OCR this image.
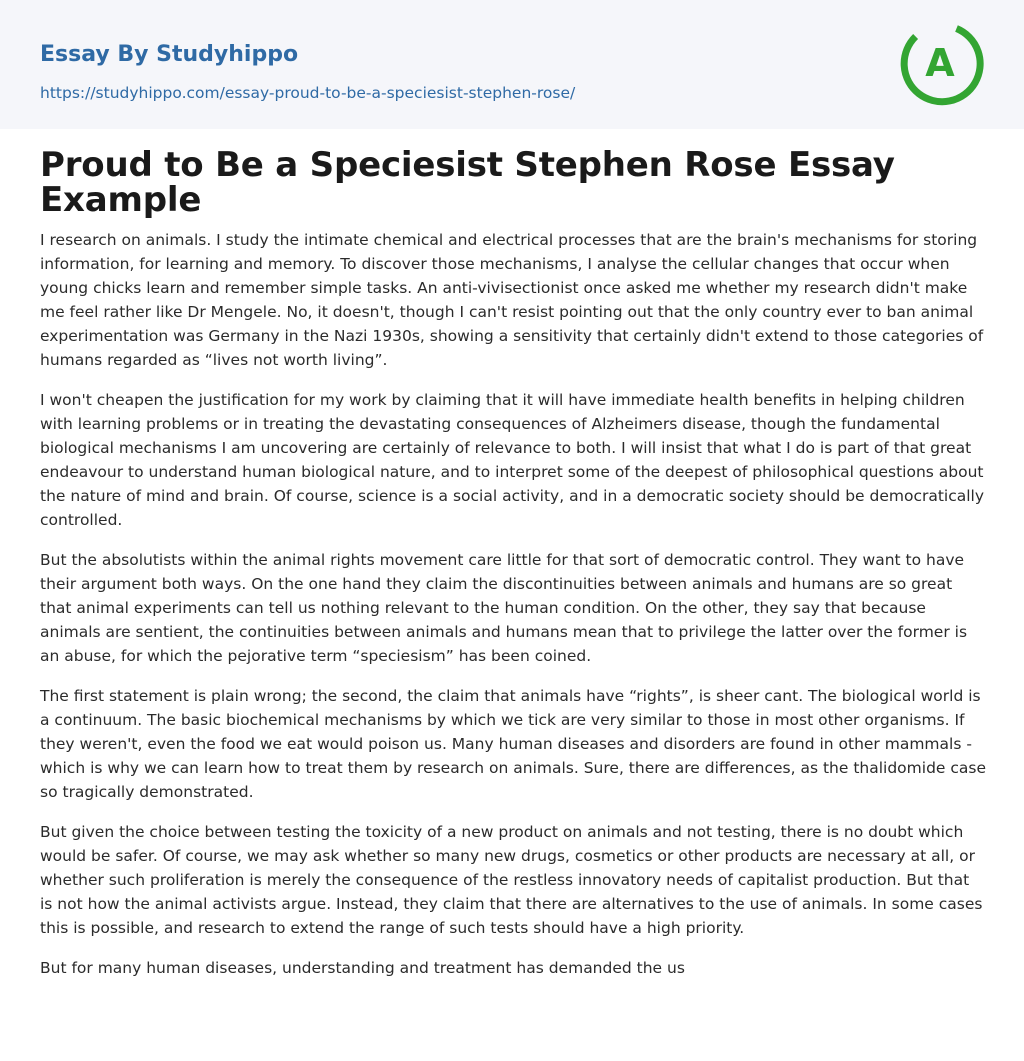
Essay By Studyhippo
https://studyhippo.com/essay-proud-to-be-a-speciesist-stephen-rose/
A
Proud to Be a Speciesist Stephen Rose Essay Example

I research on animals. I study the intimate chemical and electrical processes that are the brain's mechanisms for storing information, for learning and memory. To discover those mechanisms, I analyse the cellular changes that occur when young chicks learn and remember simple tasks. An anti-vivisectionist once asked me whether my research didn't make me feel rather like Dr Mengele. No, it doesn't, though I can't resist pointing out that the only country ever to ban animal experimentation was Germany in the Nazi 1930s, showing a sensitivity that certainly didn't extend to those categories of humans regarded as “lives not worth living”.

I won't cheapen the justification for my work by claiming that it will have immediate health benefits in helping children with learning problems or in treating the devastating consequences of Alzheimers disease, though the fundamental biological mechanisms I am uncovering are certainly of relevance to both. I will insist that what I do is part of that great endeavour to understand human biological nature, and to interpret some of the deepest of philosophical questions about the nature of mind and brain. Of course, science is a social activity, and in a democratic society should be democratically controlled.

But the absolutists within the animal rights movement care little for that sort of democratic control. They want to have their argument both ways. On the one hand they claim the discontinuities between animals and humans are so great that animal experiments can tell us nothing relevant to the human condition. On the other, they say that because animals are sentient, the continuities between animals and humans mean that to privilege the latter over the former is an abuse, for which the pejorative term “speciesism” has been coined.

The first statement is plain wrong; the second, the claim that animals have “rights”, is sheer cant. The biological world is a continuum. The basic biochemical mechanisms by which we tick are very similar to those in most other organisms. If they weren't, even the food we eat would poison us. Many human diseases and disorders are found in other mammals -which is why we can learn how to treat them by research on animals. Sure, there are differences, as the thalidomide case so tragically demonstrated.

But given the choice between testing the toxicity of a new product on animals and not testing, there is no doubt which would be safer. Of course, we may ask whether so many new drugs, cosmetics or other products are necessary at all, or whether such proliferation is merely the consequence of the restless innovatory needs of capitalist production. But that is not how the animal activists argue. Instead, they claim that there are alternatives to the use of animals. In some cases this is possible, and research to extend the range of such tests should have a high priority.

But for many human diseases, understanding and treatment has demanded the us
